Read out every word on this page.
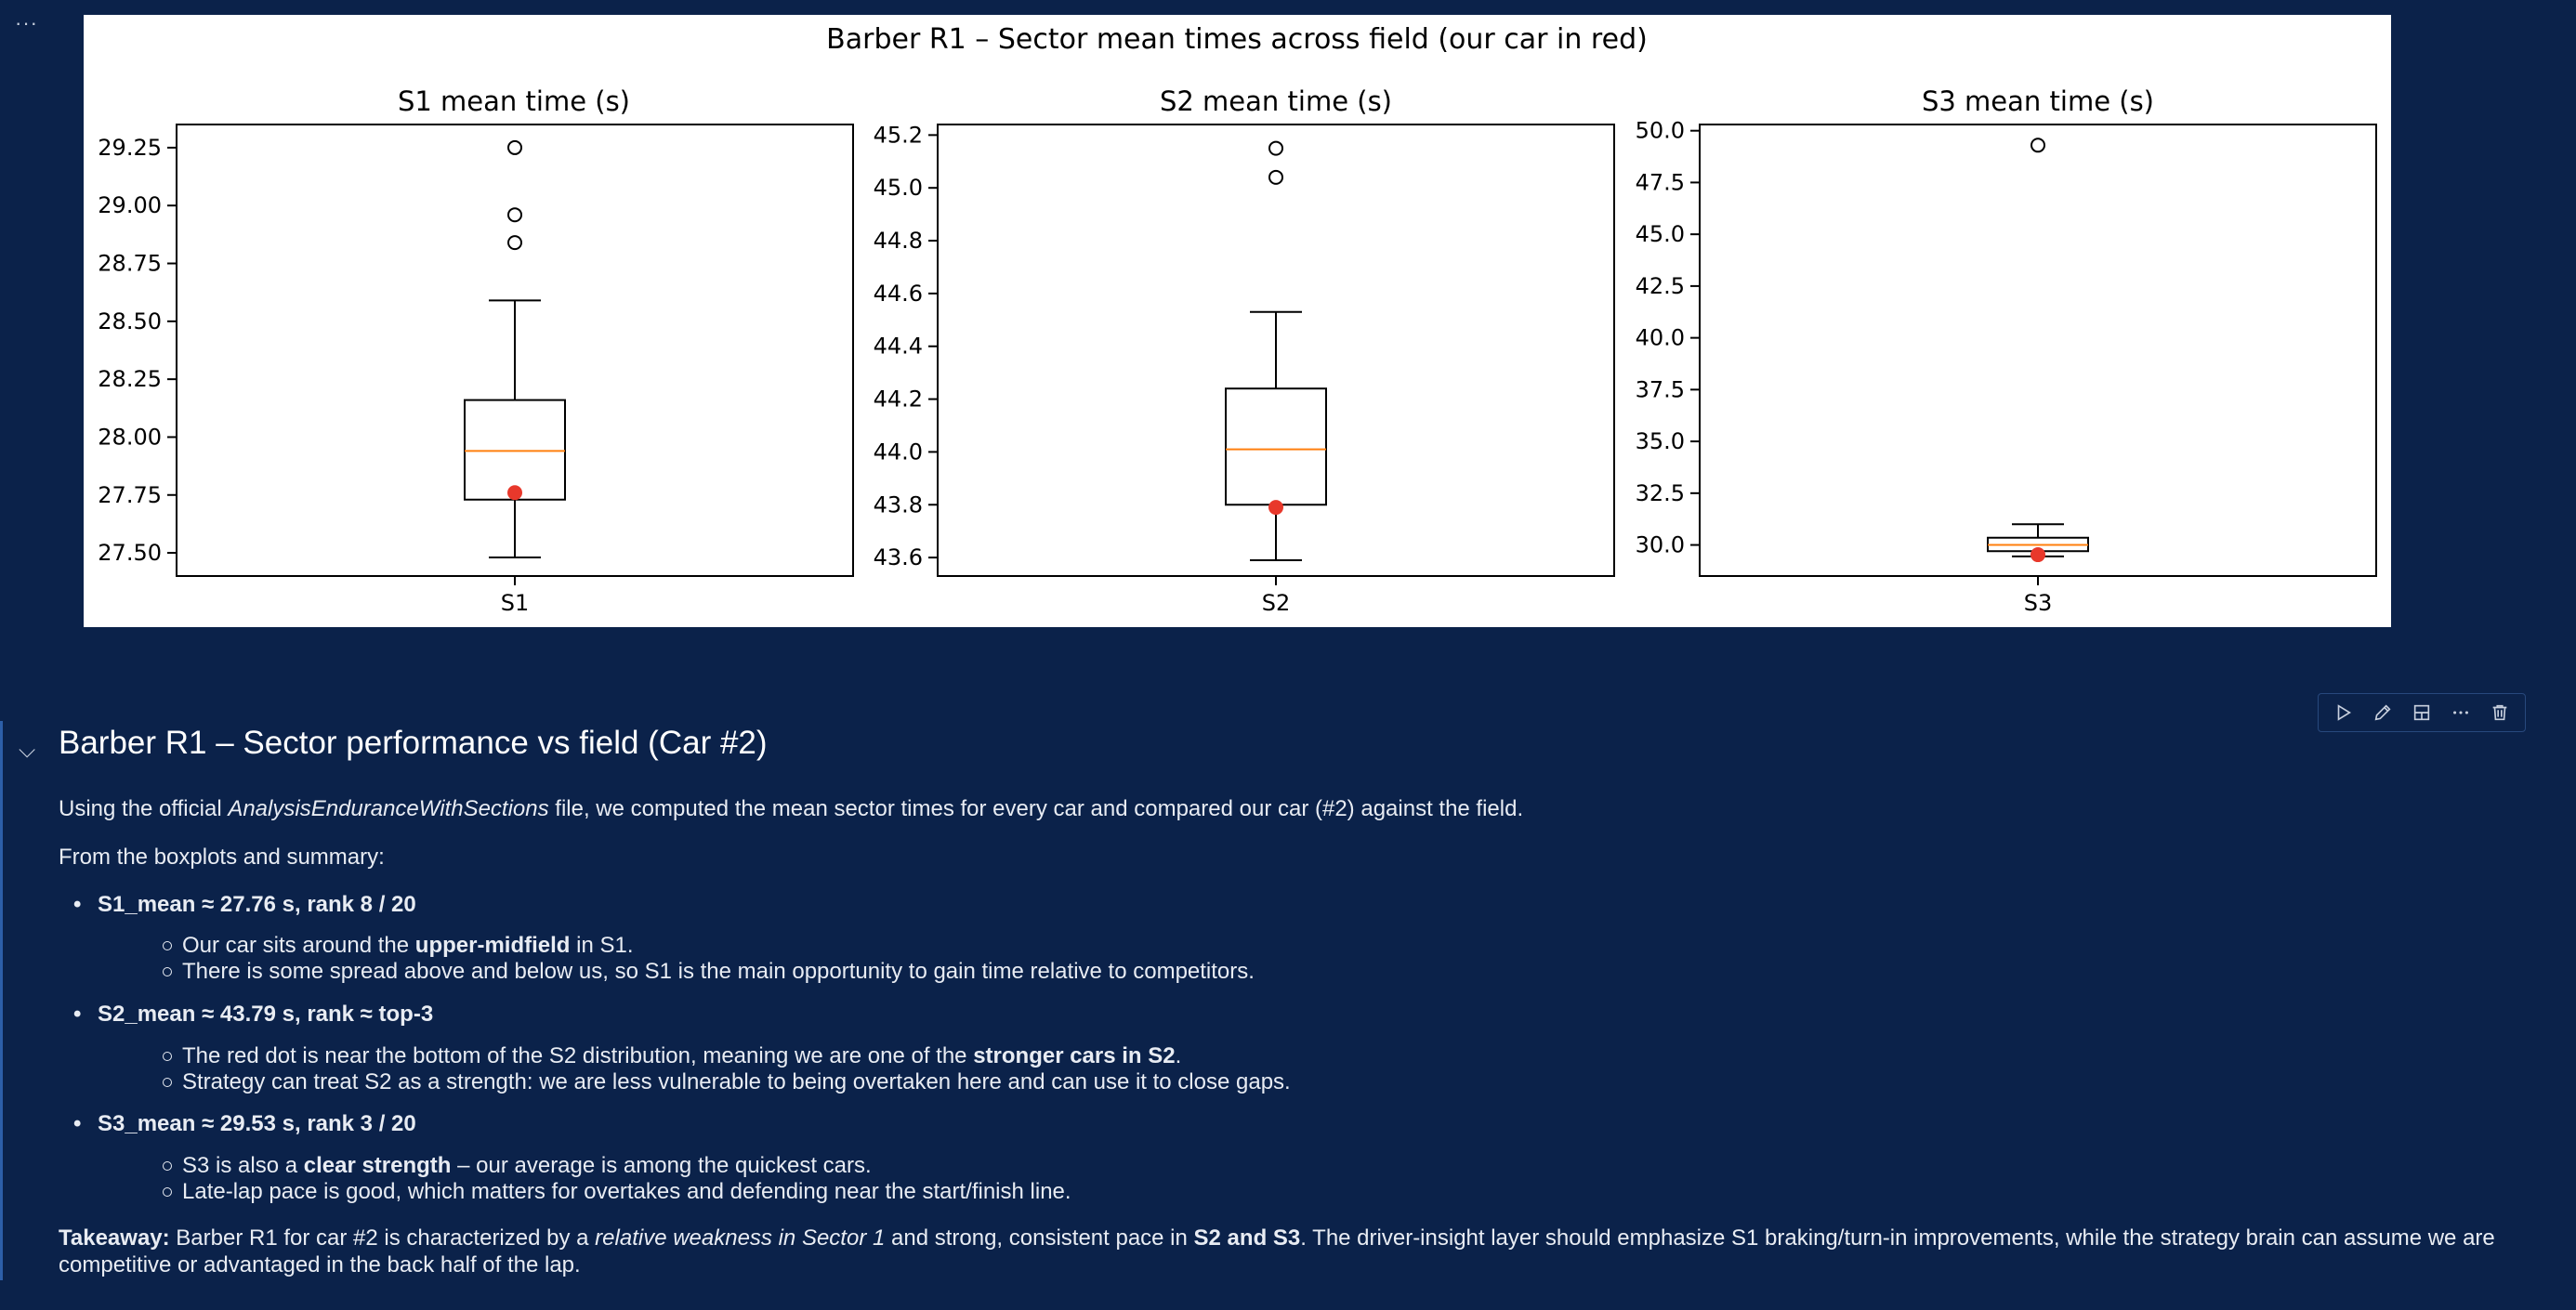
···
Barber R1 – Sector mean times across field (our car in red)
S1 mean time (s)
S1
27.50
27.75
28.00
28.25
28.50
28.75
29.00
29.25
S2 mean time (s)
S2
43.6
43.8
44.0
44.2
44.4
44.6
44.8
45.0
45.2
S3 mean time (s)
S3
30.0
32.5
35.0
37.5
40.0
42.5
45.0
47.5
50.0
⌵ Barber R1 – Sector performance vs field (Car #2)
Using the official AnalysisEnduranceWithSections file, we computed the mean sector times for every car and compared our car (#2) against the field.
From the boxplots and summary:
• S1_mean ≈ 27.76 s, rank 8 / 20
Our car sits around the upper-midfield in S1.
There is some spread above and below us, so S1 is the main opportunity to gain time relative to competitors.
• S2_mean ≈ 43.79 s, rank ≈ top-3
The red dot is near the bottom of the S2 distribution, meaning we are one of the stronger cars in S2.
Strategy can treat S2 as a strength: we are less vulnerable to being overtaken here and can use it to close gaps.
• S3_mean ≈ 29.53 s, rank 3 / 20
S3 is also a clear strength – our average is among the quickest cars.
Late-lap pace is good, which matters for overtakes and defending near the start/finish line.
Takeaway: Barber R1 for car #2 is characterized by a relative weakness in Sector 1 and strong, consistent pace in S2 and S3. The driver-insight layer should emphasize S1 braking/turn-in improvements, while the strategy brain can assume we are competitive or advantaged in the back half of the lap.
